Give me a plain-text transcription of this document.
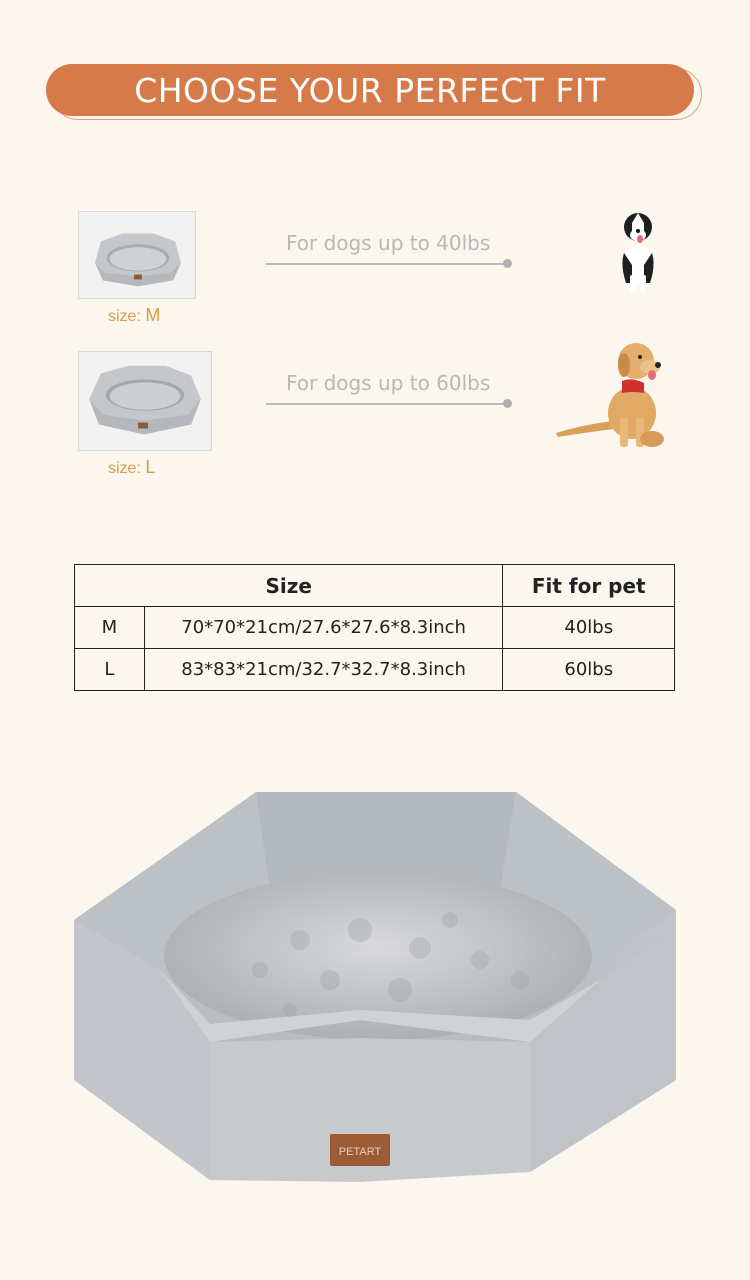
CHOOSE YOUR PERFECT FIT
size: M
For dogs up to 40lbs
size: L
For dogs up to 60lbs
Size		Fit for pet
M	70*70*21cm/27.6*27.6*8.3inch	40lbs
L	83*83*21cm/32.7*32.7*8.3inch	60lbs
PETART
